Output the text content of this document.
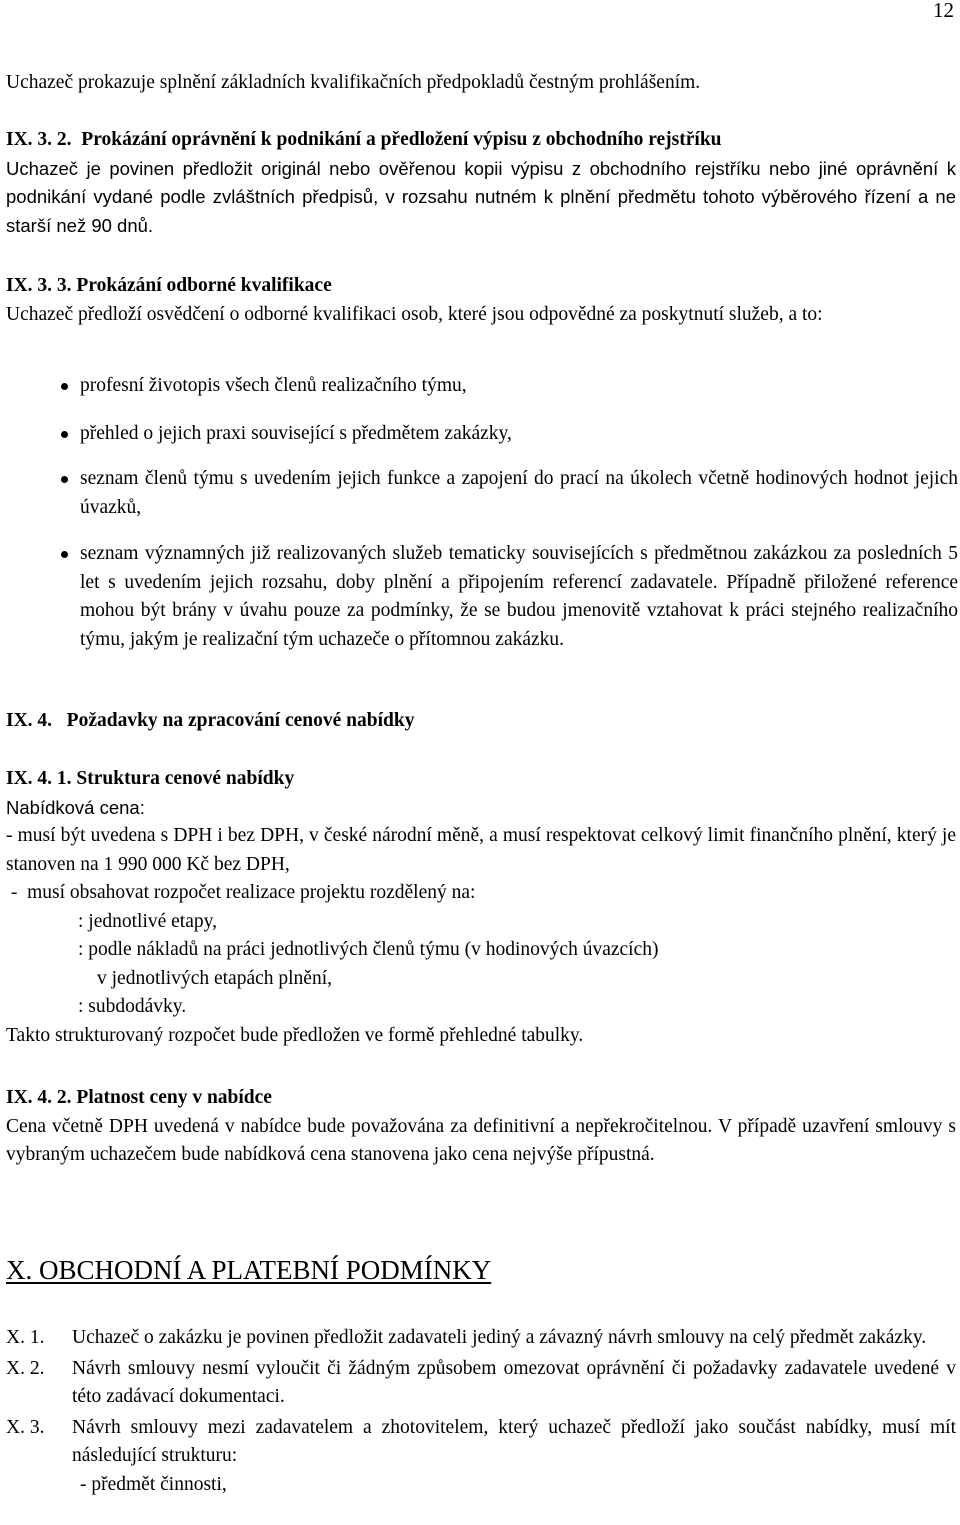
12

Uchazeč prokazuje splnění základních kvalifikačních předpokladů čestným prohlášením.

IX. 3. 2. Prokázání oprávnění k podnikání a předložení výpisu z obchodního rejstříku

Uchazeč je povinen předložit originál nebo ověřenou kopii výpisu z obchodního rejstříku nebo jiné oprávnění k podnikání vydané podle zvláštních předpisů, v rozsahu nutném k plnění předmětu tohoto výběrového řízení a ne starší než 90 dnů.

IX. 3. 3. Prokázání odborné kvalifikace

Uchazeč předloží osvědčení o odborné kvalifikaci osob, které jsou odpovědné za poskytnutí služeb, a to:

profesní životopis všech členů realizačního týmu,
přehled o jejich praxi související s předmětem zakázky,
seznam členů týmu s uvedením jejich funkce a zapojení do prací na úkolech včetně hodinových hodnot jejich úvazků,
seznam významných již realizovaných služeb tematicky souvisejících s předmětnou zakázkou za posledních 5 let s uvedením jejich rozsahu, doby plnění a připojením referencí zadavatele. Případně přiložené reference mohou být brány v úvahu pouze za podmínky, že se budou jmenovitě vztahovat k práci stejného realizačního týmu, jakým je realizační tým uchazeče o přítomnou zakázku.

IX. 4. Požadavky na zpracování cenové nabídky

IX. 4. 1. Struktura cenové nabídky

Nabídková cena:

- musí být uvedena s DPH i bez DPH, v české národní měně, a musí respektovat celkový limit finančního plnění, který je stanoven na 1 990 000 Kč bez DPH,

-  musí obsahovat rozpočet realizace projektu rozdělený na:

: jednotlivé etapy,

: podle nákladů na práci jednotlivých členů týmu (v hodinových úvazcích)

v jednotlivých etapách plnění,

: subdodávky.

Takto strukturovaný rozpočet bude předložen ve formě přehledné tabulky.

IX. 4. 2. Platnost ceny v nabídce

Cena včetně DPH uvedená v nabídce bude považována za definitivní a nepřekročitelnou. V případě uzavření smlouvy s vybraným uchazečem bude nabídková cena stanovena jako cena nejvýše přípustná.

X. OBCHODNÍ A PLATEBNÍ PODMÍNKY

X. 1.	Uchazeč o zakázku je povinen předložit zadavateli jediný a závazný návrh smlouvy na celý předmět zakázky.
X. 2.	Návrh smlouvy nesmí vyloučit či žádným způsobem omezovat oprávnění či požadavky zadavatele uvedené v této zadávací dokumentaci.
X. 3.	Návrh smlouvy mezi zadavatelem a zhotovitelem, který uchazeč předloží jako součást nabídky, musí mít následující strukturu:

- předmět činnosti,
